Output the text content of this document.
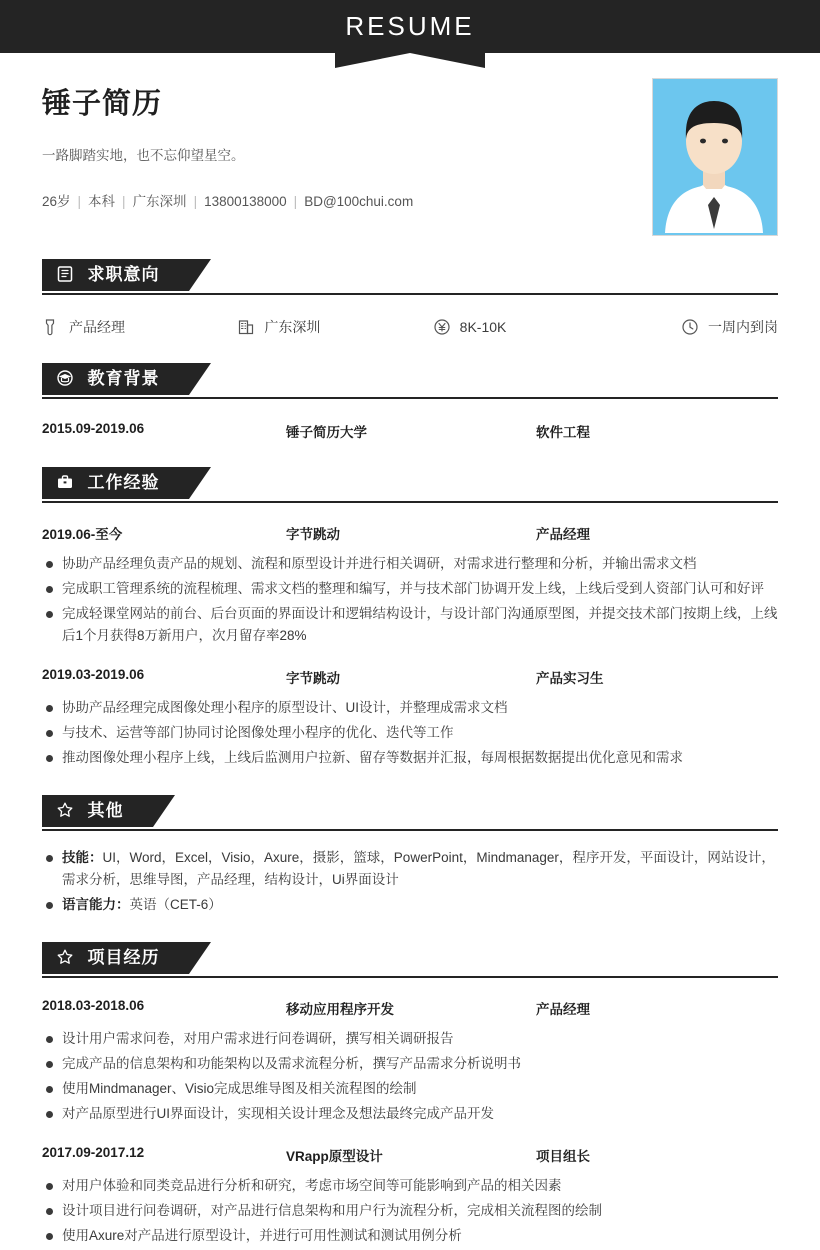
RESUME
锤子简历
一路脚踏实地，也不忘仰望星空。
26岁 | 本科 | 广东深圳 | 13800138000 | BD@100chui.com
求职意向
产品经理	广东深圳	8K-10K	一周内到岗
教育背景
2015.09-2019.06	锤子简历大学	软件工程
工作经验
2019.06-至今	字节跳动	产品经理
协助产品经理负责产品的规划、流程和原型设计并进行相关调研，对需求进行整理和分析，并输出需求文档
完成职工管理系统的流程梳理、需求文档的整理和编写，并与技术部门协调开发上线，上线后受到人资部门认可和好评
完成轻课堂网站的前台、后台页面的界面设计和逻辑结构设计，与设计部门沟通原型图，并提交技术部门按期上线，上线后1个月获得8万新用户，次月留存率28%
2019.03-2019.06	字节跳动	产品实习生
协助产品经理完成图像处理小程序的原型设计、UI设计，并整理成需求文档
与技术、运营等部门协同讨论图像处理小程序的优化、迭代等工作
推动图像处理小程序上线，上线后监测用户拉新、留存等数据并汇报，每周根据数据提出优化意见和需求
其他
技能：UI，Word，Excel，Visio，Axure，摄影，篮球，PowerPoint，Mindmanager，程序开发，平面设计，网站设计，需求分析，思维导图，产品经理，结构设计，Ui界面设计
语言能力：英语（CET-6）
项目经历
2018.03-2018.06	移动应用程序开发	产品经理
设计用户需求问卷，对用户需求进行问卷调研，撰写相关调研报告
完成产品的信息架构和功能架构以及需求流程分析，撰写产品需求分析说明书
使用Mindmanager、Visio完成思维导图及相关流程图的绘制
对产品原型进行UI界面设计，实现相关设计理念及想法最终完成产品开发
2017.09-2017.12	VRapp原型设计	项目组长
对用户体验和同类竞品进行分析和研究，考虑市场空间等可能影响到产品的相关因素
设计项目进行问卷调研，对产品进行信息架构和用户行为流程分析，完成相关流程图的绘制
使用Axure对产品进行原型设计，并进行可用性测试和测试用例分析
